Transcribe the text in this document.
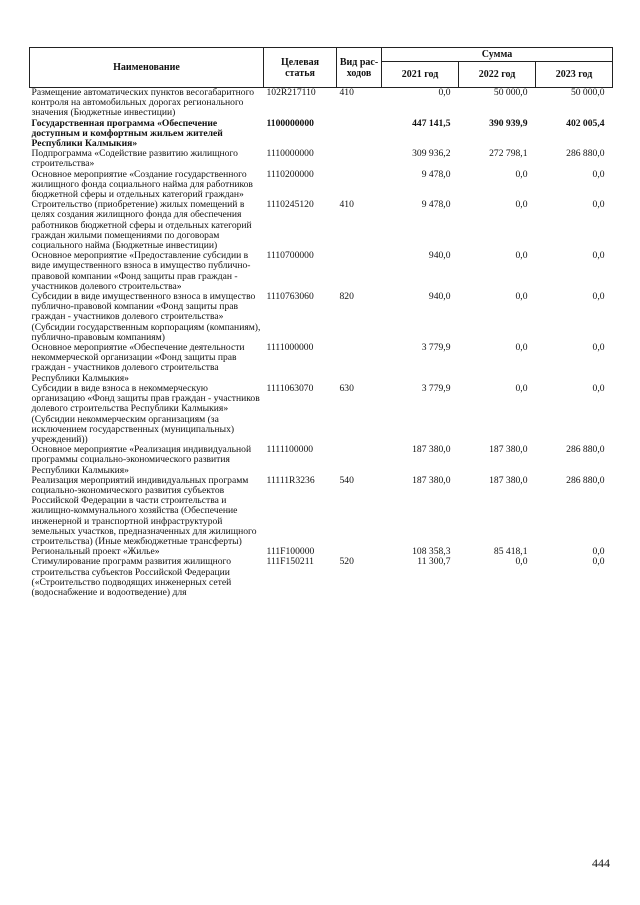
Наименование	Целевая статья	Вид рас-ходов	Сумма		
			2021 год	2022 год	2023 год
Размещение автоматических пунктов весогабаритного контроля на автомобильных дорогах регионального значения (Бюджетные инвестиции)	102R217110	410	0,0	50 000,0	50 000,0
Государственная программа «Обеспечение доступным и комфортным жильем жителей Республики Калмыкия»	1100000000		447 141,5	390 939,9	402 005,4
Подпрограмма «Содействие развитию жилищного строительства»	1110000000		309 936,2	272 798,1	286 880,0
Основное мероприятие «Создание государственного жилищного фонда социального найма для работников бюджетной сферы и отдельных категорий граждан»	1110200000		9 478,0	0,0	0,0
Строительство (приобретение) жилых помещений в целях создания жилищного фонда для обеспечения работников бюджетной сферы и отдельных категорий граждан жилыми помещениями по договорам социального найма (Бюджетные инвестиции)	1110245120	410	9 478,0	0,0	0,0
Основное мероприятие «Предоставление субсидии в виде имущественного взноса в имущество публично-правовой компании «Фонд защиты прав граждан - участников долевого строительства»	1110700000		940,0	0,0	0,0
Субсидии в виде имущественного взноса в имущество публично-правовой компании «Фонд защиты прав граждан - участников долевого строительства» (Субсидии государственным корпорациям (компаниям), публично-правовым компаниям)	1110763060	820	940,0	0,0	0,0
Основное мероприятие «Обеспечение деятельности некоммерческой организации «Фонд защиты прав граждан - участников долевого строительства Республики Калмыкия»	1111000000		3 779,9	0,0	0,0
Субсидии в виде взноса в некоммерческую организацию «Фонд защиты прав граждан - участников долевого строительства Республики Калмыкия» (Субсидии некоммерческим организациям (за исключением государственных (муниципальных) учреждений))	1111063070	630	3 779,9	0,0	0,0
Основное мероприятие «Реализация индивидуальной программы социально-экономического развития Республики Калмыкия»	1111100000		187 380,0	187 380,0	286 880,0
Реализация мероприятий индивидуальных программ социально-экономического развития субъектов Российской Федерации в части строительства и жилищно-коммунального хозяйства (Обеспечение инженерной и транспортной инфраструктурой земельных участков, предназначенных для жилищного строительства) (Иные межбюджетные трансферты)	11111R3236	540	187 380,0	187 380,0	286 880,0
Региональный проект «Жилье»	111F100000		108 358,3	85 418,1	0,0
Стимулирование программ развития жилищного строительства субъектов Российской Федерации («Строительство подводящих инженерных сетей (водоснабжение и водоотведение) для	111F150211	520	11 300,7	0,0	0,0
444
